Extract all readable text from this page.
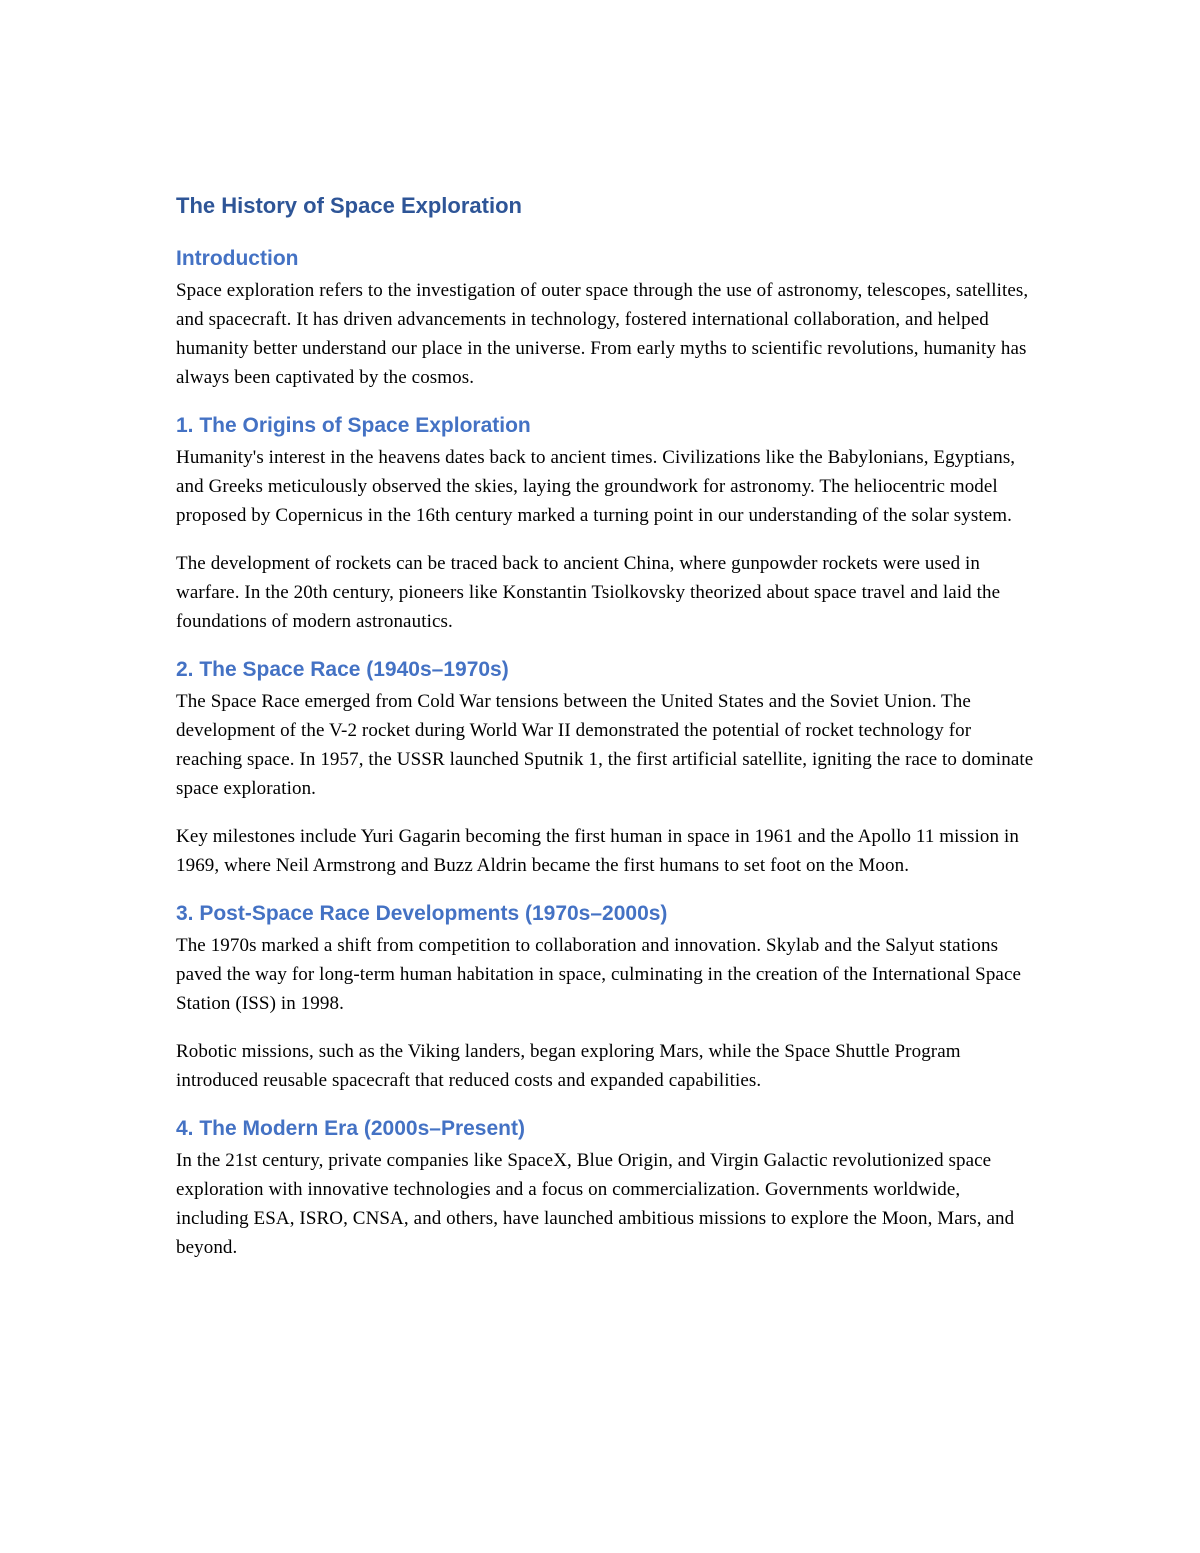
The History of Space Exploration
Introduction

Space exploration refers to the investigation of outer space through the use of astronomy, telescopes, satellites, and spacecraft. It has driven advancements in technology, fostered international collaboration, and helped humanity better understand our place in the universe. From early myths to scientific revolutions, humanity has always been captivated by the cosmos.

1. The Origins of Space Exploration

Humanity's interest in the heavens dates back to ancient times. Civilizations like the Babylonians, Egyptians, and Greeks meticulously observed the skies, laying the groundwork for astronomy. The heliocentric model proposed by Copernicus in the 16th century marked a turning point in our understanding of the solar system.

The development of rockets can be traced back to ancient China, where gunpowder rockets were used in warfare. In the 20th century, pioneers like Konstantin Tsiolkovsky theorized about space travel and laid the foundations of modern astronautics.

2. The Space Race (1940s–1970s)

The Space Race emerged from Cold War tensions between the United States and the Soviet Union. The development of the V-2 rocket during World War II demonstrated the potential of rocket technology for reaching space. In 1957, the USSR launched Sputnik 1, the first artificial satellite, igniting the race to dominate space exploration.

Key milestones include Yuri Gagarin becoming the first human in space in 1961 and the Apollo 11 mission in 1969, where Neil Armstrong and Buzz Aldrin became the first humans to set foot on the Moon.

3. Post-Space Race Developments (1970s–2000s)

The 1970s marked a shift from competition to collaboration and innovation. Skylab and the Salyut stations paved the way for long-term human habitation in space, culminating in the creation of the International Space Station (ISS) in 1998.

Robotic missions, such as the Viking landers, began exploring Mars, while the Space Shuttle Program introduced reusable spacecraft that reduced costs and expanded capabilities.

4. The Modern Era (2000s–Present)

In the 21st century, private companies like SpaceX, Blue Origin, and Virgin Galactic revolutionized space exploration with innovative technologies and a focus on commercialization. Governments worldwide, including ESA, ISRO, CNSA, and others, have launched ambitious missions to explore the Moon, Mars, and beyond.
